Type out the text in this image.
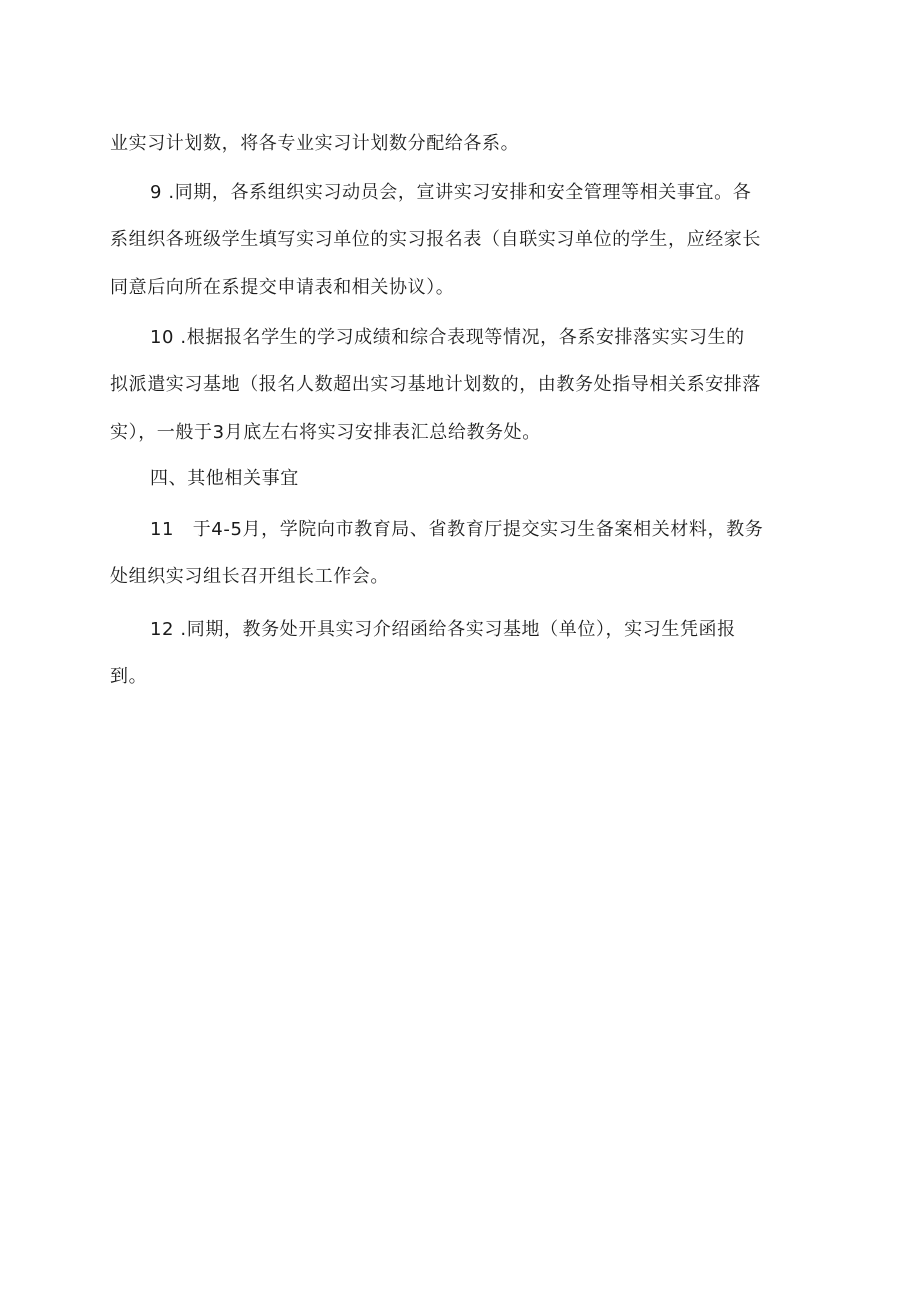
业实习计划数，将各专业实习计划数分配给各系。
9 .同期，各系组织实习动员会，宣讲实习安排和安全管理等相关事宜。各
系组织各班级学生填写实习单位的实习报名表（自联实习单位的学生，应经家长
同意后向所在系提交申请表和相关协议）。
10 .根据报名学生的学习成绩和综合表现等情况，各系安排落实实习生的
拟派遣实习基地（报名人数超出实习基地计划数的，由教务处指导相关系安排落
实），一般于3月底左右将实习安排表汇总给教务处。
四、其他相关事宜
11　于4-5月，学院向市教育局、省教育厅提交实习生备案相关材料，教务
处组织实习组长召开组长工作会。
12 .同期，教务处开具实习介绍函给各实习基地（单位），实习生凭函报
到。
